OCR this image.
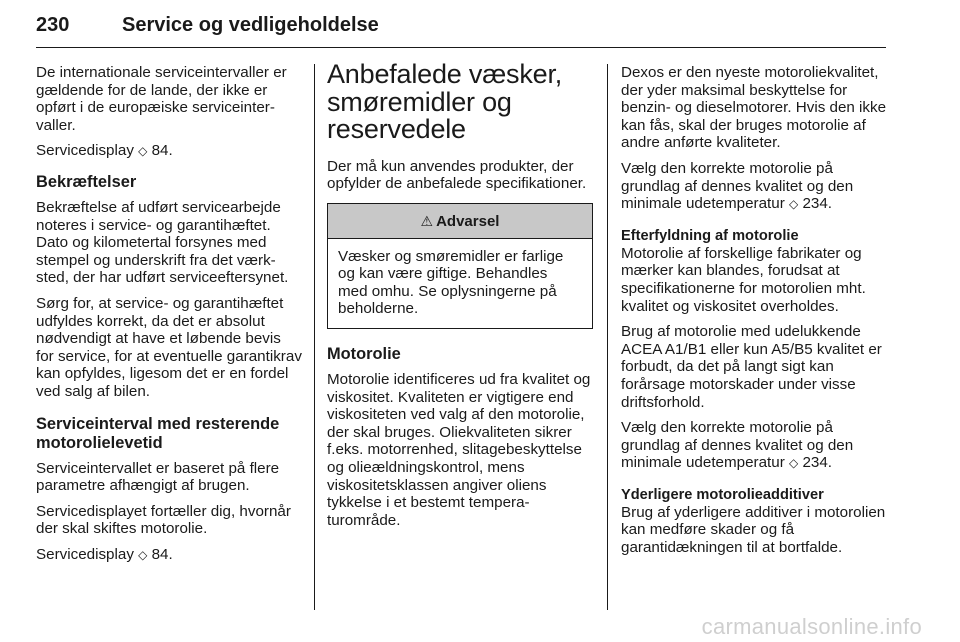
230	Service og vedligeholdelse

De internationale serviceintervaller er gældende for de lande, der ikke er opført i de europæiske serviceintervaller.

Servicedisplay ◇ 84.

Bekræftelser

Bekræftelse af udført servicearbejde noteres i service- og garantihæftet. Dato og kilometertal forsynes med stempel og underskrift fra det værksted, der har udført serviceeftersynet.

Sørg for, at service- og garantihæftet udfyldes korrekt, da det er absolut nødvendigt at have et løbende bevis for service, for at eventuelle garantikrav kan opfyldes, ligesom det er en fordel ved salg af bilen.

Serviceinterval med resterende motorolielevetid

Serviceintervallet er baseret på flere parametre afhængigt af brugen.

Servicedisplayet fortæller dig, hvornår der skal skiftes motorolie.

Servicedisplay ◇ 84.

Anbefalede væsker, smøremidler og reservedele

Der må kun anvendes produkter, der opfylder de anbefalede specifikationer.

⚠ Advarsel
Væsker og smøremidler er farlige og kan være giftige. Behandles med omhu. Se oplysningerne på beholderne.
Motorolie

Motorolie identificeres ud fra kvalitet og viskositet. Kvaliteten er vigtigere end viskositeten ved valg af den motorolie, der skal bruges. Oliekvaliteten sikrer f.eks. motorrenhed, slitagebeskyttelse og olieældningskontrol, mens viskositetsklassen angiver oliens tykkelse i et bestemt temperaturområde.

Dexos er den nyeste motoroliekvalitet, der yder maksimal beskyttelse for benzin- og dieselmotorer. Hvis den ikke kan fås, skal der bruges motorolie af andre anførte kvaliteter.

Vælg den korrekte motorolie på grundlag af dennes kvalitet og den minimale udetemperatur ◇ 234.

Efterfyldning af motorolie

Motorolie af forskellige fabrikater og mærker kan blandes, forudsat at specifikationerne for motorolien mht. kvalitet og viskositet overholdes.

Brug af motorolie med udelukkende ACEA A1/B1 eller kun A5/B5 kvalitet er forbudt, da det på langt sigt kan forårsage motorskader under visse driftsforhold.

Vælg den korrekte motorolie på grundlag af dennes kvalitet og den minimale udetemperatur ◇ 234.

Yderligere motorolieadditiver

Brug af yderligere additiver i motorolien kan medføre skader og få garantidækningen til at bortfalde.

carmanualsonline.info
